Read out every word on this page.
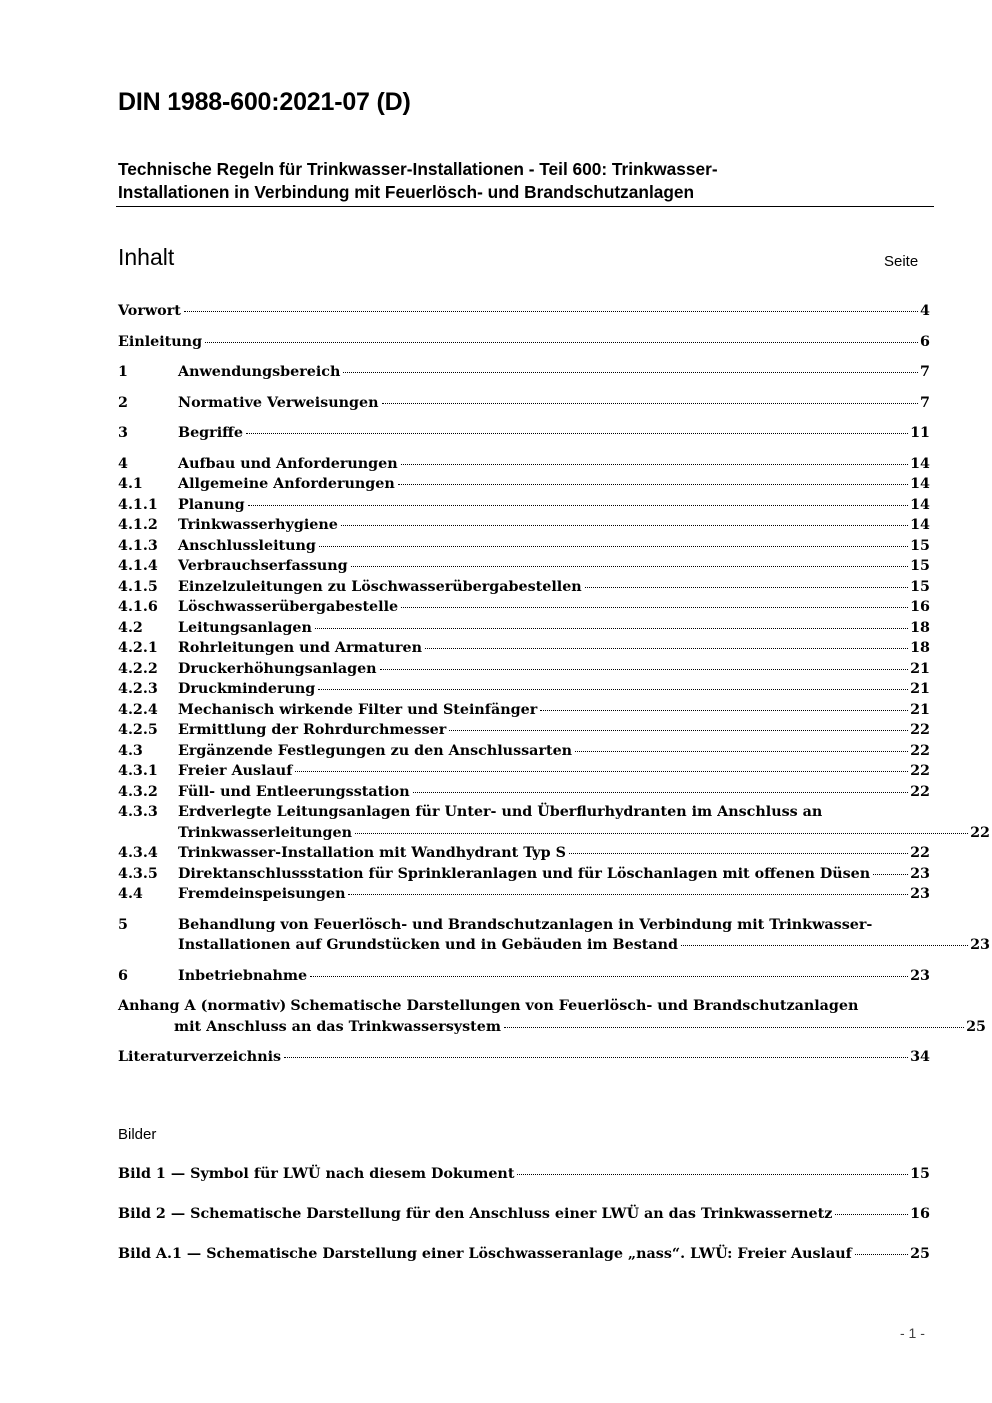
DIN 1988-600:2021-07 (D)
Technische Regeln für Trinkwasser-Installationen - Teil 600: Trinkwasser-
Installationen in Verbindung mit Feuerlösch- und Brandschutzanlagen
Inhalt	Seite
Vorwort	4
Einleitung	6
1	Anwendungsbereich	7
2	Normative Verweisungen	7
3	Begriffe	11
4	Aufbau und Anforderungen	14
4.1	Allgemeine Anforderungen	14
4.1.1	Planung	14
4.1.2	Trinkwasserhygiene	14
4.1.3	Anschlussleitung	15
4.1.4	Verbrauchserfassung	15
4.1.5	Einzelzuleitungen zu Löschwasserübergabestellen	15
4.1.6	Löschwasserübergabestelle	16
4.2	Leitungsanlagen	18
4.2.1	Rohrleitungen und Armaturen	18
4.2.2	Druckerhöhungsanlagen	21
4.2.3	Druckminderung	21
4.2.4	Mechanisch wirkende Filter und Steinfänger	21
4.2.5	Ermittlung der Rohrdurchmesser	22
4.3	Ergänzende Festlegungen zu den Anschlussarten	22
4.3.1	Freier Auslauf	22
4.3.2	Füll- und Entleerungsstation	22
4.3.3	Erdverlegte Leitungsanlagen für Unter- und Überflurhydranten im Anschluss an
Trinkwasserleitungen	22
4.3.4	Trinkwasser-Installation mit Wandhydrant Typ S	22
4.3.5	Direktanschlussstation für Sprinkleranlagen und für Löschanlagen mit offenen Düsen	23
4.4	Fremdeinspeisungen	23
5	Behandlung von Feuerlösch- und Brandschutzanlagen in Verbindung mit Trinkwasser-
Installationen auf Grundstücken und in Gebäuden im Bestand	23
6	Inbetriebnahme	23
Anhang A (normativ) Schematische Darstellungen von Feuerlösch- und Brandschutzanlagen
mit Anschluss an das Trinkwassersystem	25
Literaturverzeichnis	34
Bilder
Bild 1 — Symbol für LWÜ nach diesem Dokument	15
Bild 2 — Schematische Darstellung für den Anschluss einer LWÜ an das Trinkwassernetz	16
Bild A.1 — Schematische Darstellung einer Löschwasseranlage „nass“. LWÜ: Freier Auslauf	25
- 1 -
